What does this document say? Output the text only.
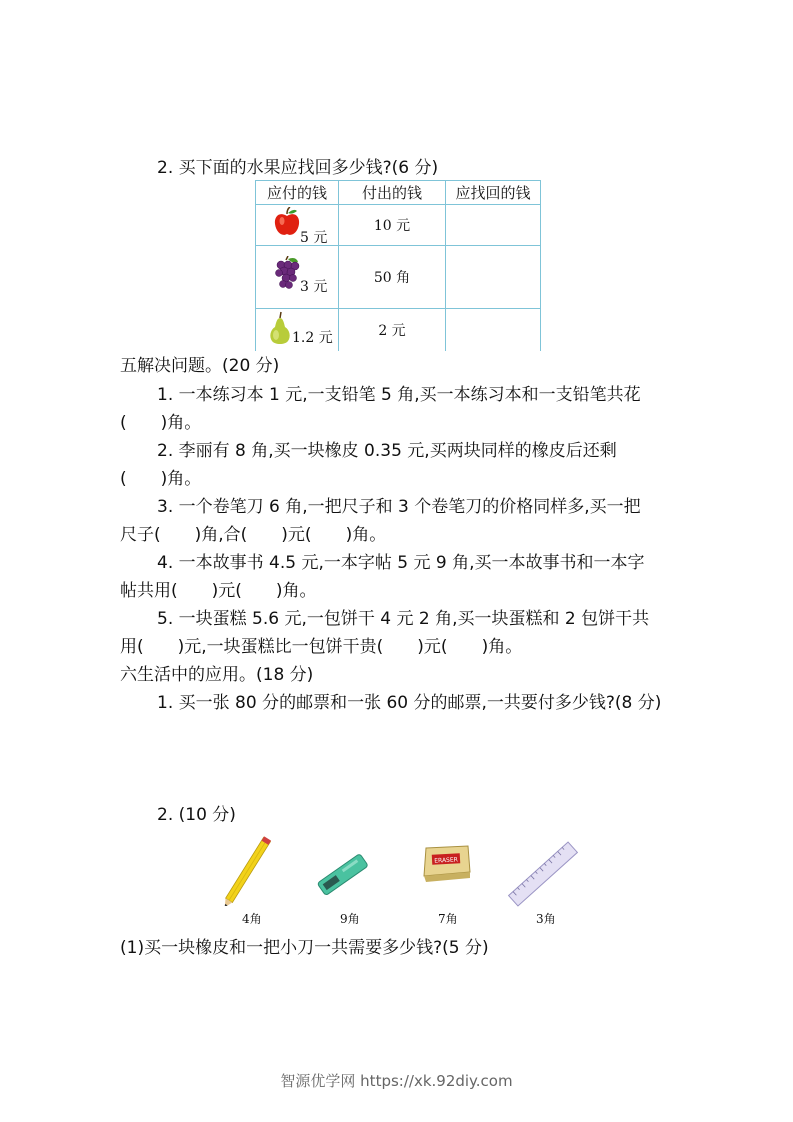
2. 买下面的水果应找回多少钱?(6 分)
应付的钱	付出的钱	应找回的钱

5 元	10 元	

3 元	50 角	

1.2 元	2 元	
五解决问题。(20 分)
1. 一本练习本 1 元,一支铅笔 5 角,买一本练习本和一支铅笔共花
(　　)角。
2. 李丽有 8 角,买一块橡皮 0.35 元,买两块同样的橡皮后还剩
(　　)角。
3. 一个卷笔刀 6 角,一把尺子和 3 个卷笔刀的价格同样多,买一把
尺子(　　)角,合(　　)元(　　)角。
4. 一本故事书 4.5 元,一本字帖 5 元 9 角,买一本故事书和一本字
帖共用(　　)元(　　)角。
5. 一块蛋糕 5.6 元,一包饼干 4 元 2 角,买一块蛋糕和 2 包饼干共
用(　　)元,一块蛋糕比一包饼干贵(　　)元(　　)角。
六生活中的应用。(18 分)
1. 买一张 80 分的邮票和一张 60 分的邮票,一共要付多少钱?(8 分)
2. (10 分)
ERASER
4角	9角	7角	3角
(1)买一块橡皮和一把小刀一共需要多少钱?(5 分)
智源优学网 https://xk.92diy.com
